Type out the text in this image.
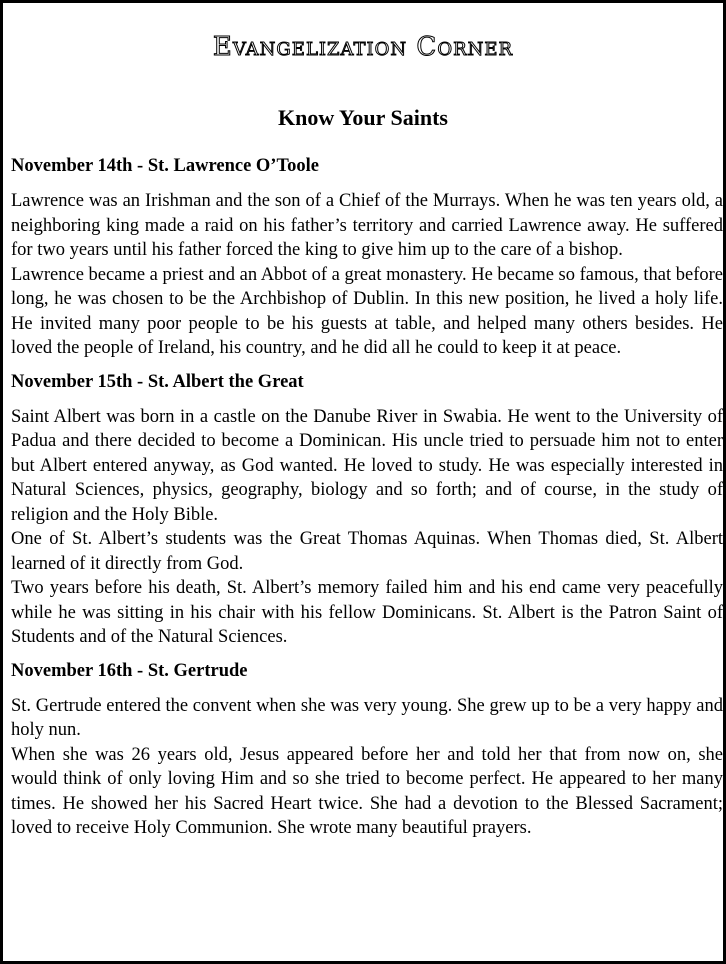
Evangelization Corner
Know Your Saints
November 14th - St. Lawrence O’Toole

Lawrence was an Irishman and the son of a Chief of the Murrays. When he was ten years old, a neighboring king made a raid on his father’s territory and carried Lawrence away. He suffered for two years until his father forced the king to give him up to the care of a bishop.

Lawrence became a priest and an Abbot of a great monastery. He became so famous, that before long, he was chosen to be the Archbishop of Dublin. In this new position, he lived a holy life. He invited many poor people to be his guests at table, and helped many others besides. He loved the people of Ireland, his country, and he did all he could to keep it at peace.

November 15th - St. Albert the Great

Saint Albert was born in a castle on the Danube River in Swabia. He went to the University of Padua and there decided to become a Dominican. His uncle tried to persuade him not to enter but Albert entered anyway, as God wanted. He loved to study. He was especially interested in Natural Sciences, physics, geography, biology and so forth; and of course, in the study of religion and the Holy Bible.

One of St. Albert’s students was the Great Thomas Aquinas. When Thomas died, St. Albert learned of it directly from God.

Two years before his death, St. Albert’s memory failed him and his end came very peacefully while he was sitting in his chair with his fellow Dominicans. St. Albert is the Patron Saint of Students and of the Natural Sciences.

November 16th - St. Gertrude

St. Gertrude entered the convent when she was very young. She grew up to be a very happy and holy nun.

When she was 26 years old, Jesus appeared before her and told her that from now on, she would think of only loving Him and so she tried to become perfect. He appeared to her many times. He showed her his Sacred Heart twice. She had a devotion to the Blessed Sacrament; loved to receive Holy Communion. She wrote many beautiful prayers.
